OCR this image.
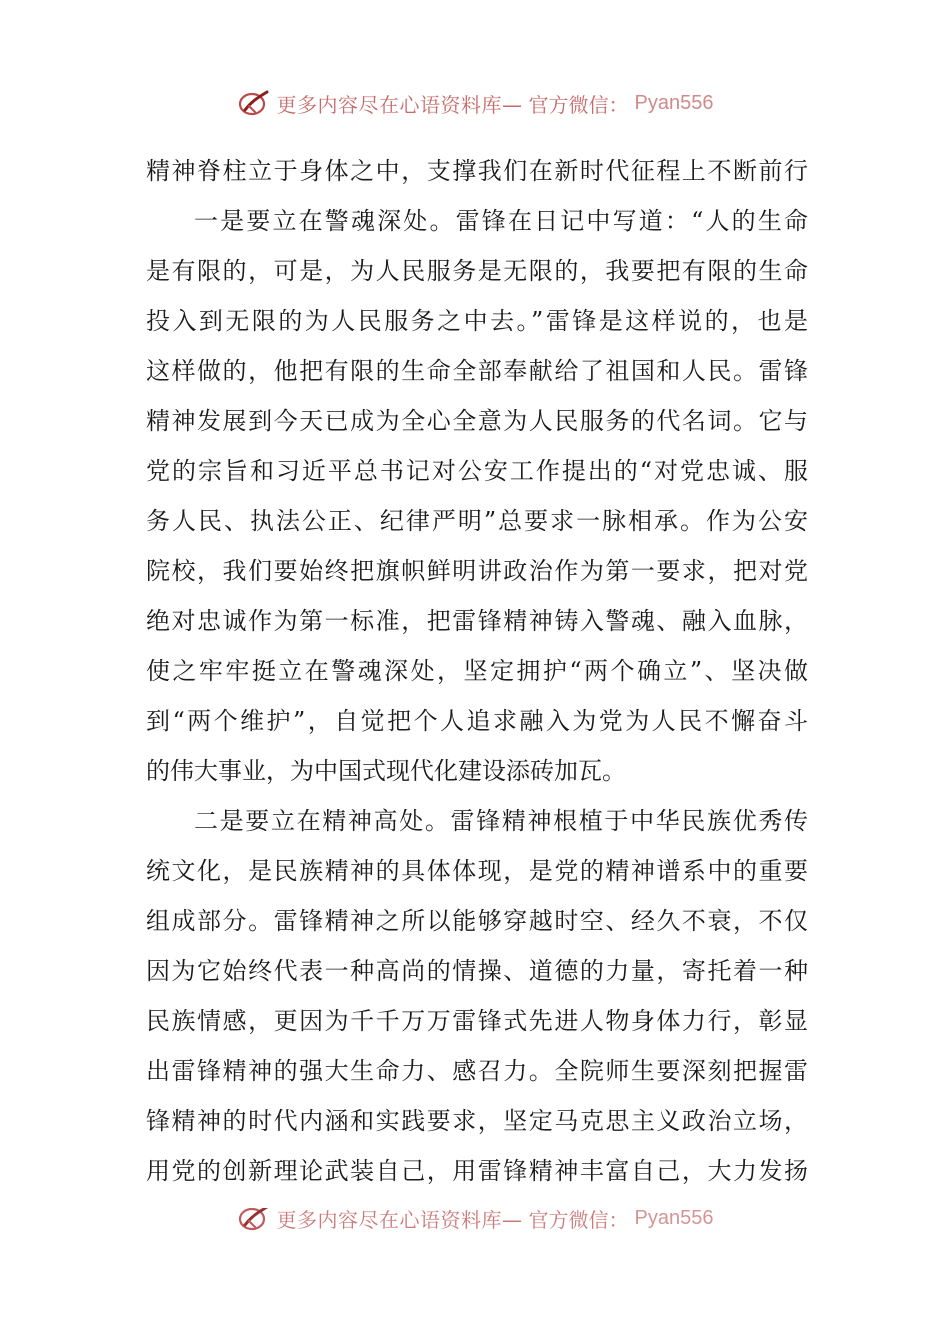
更多内容尽在心语资料库— 官方微信： Pyan556
精神脊柱立于身体之中，支撑我们在新时代征程上不断前行
一是要立在警魂深处。雷锋在日记中写道：“人的生命
是有限的，可是，为人民服务是无限的，我要把有限的生命
投入到无限的为人民服务之中去。”雷锋是这样说的，也是
这样做的，他把有限的生命全部奉献给了祖国和人民。雷锋
精神发展到今天已成为全心全意为人民服务的代名词。它与
党的宗旨和习近平总书记对公安工作提出的“对党忠诚、服
务人民、执法公正、纪律严明”总要求一脉相承。作为公安
院校，我们要始终把旗帜鲜明讲政治作为第一要求，把对党
绝对忠诚作为第一标准，把雷锋精神铸入警魂、融入血脉，
使之牢牢挺立在警魂深处，坚定拥护“两个确立”、坚决做
到“两个维护”，自觉把个人追求融入为党为人民不懈奋斗
的伟大事业，为中国式现代化建设添砖加瓦。
二是要立在精神高处。雷锋精神根植于中华民族优秀传
统文化，是民族精神的具体体现，是党的精神谱系中的重要
组成部分。雷锋精神之所以能够穿越时空、经久不衰，不仅
因为它始终代表一种高尚的情操、道德的力量，寄托着一种
民族情感，更因为千千万万雷锋式先进人物身体力行，彰显
出雷锋精神的强大生命力、感召力。全院师生要深刻把握雷
锋精神的时代内涵和实践要求，坚定马克思主义政治立场，
用党的创新理论武装自己，用雷锋精神丰富自己，大力发扬
更多内容尽在心语资料库— 官方微信： Pyan556
